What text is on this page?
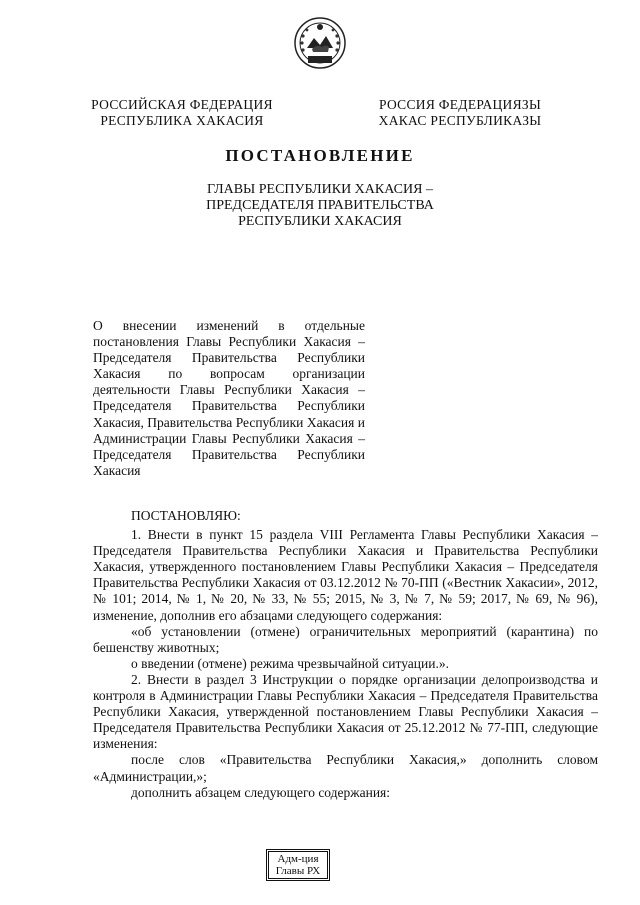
РОССИЙСКАЯ ФЕДЕРАЦИЯ
РЕСПУБЛИКА ХАКАСИЯ
РОССИЯ ФЕДЕРАЦИЯЗЫ
ХАКАС РЕСПУБЛИКАЗЫ
ПОСТАНОВЛЕНИЕ
ГЛАВЫ РЕСПУБЛИКИ ХАКАСИЯ –
ПРЕДСЕДАТЕЛЯ ПРАВИТЕЛЬСТВА
РЕСПУБЛИКИ ХАКАСИЯ
О внесении изменений в отдельные постановления Главы Республики Хакасия – Председателя Правительства Республики Хакасия по вопросам организации деятельности Главы Республики Хакасия – Председателя Правительства Республики Хакасия, Правительства Республики Хакасия и Администрации Главы Республики Хакасия – Председателя Правительства Республики Хакасия

ПОСТАНОВЛЯЮ:

1. Внести в пункт 15 раздела VIII Регламента Главы Республики Хакасия – Председателя Правительства Республики Хакасия и Правительства Республики Хакасия, утвержденного постановлением Главы Республики Хакасия – Председателя Правительства Республики Хакасия от 03.12.2012 № 70-ПП («Вестник Хакасии», 2012, № 101; 2014, № 1, № 20, № 33, № 55; 2015, № 3, № 7, № 59; 2017, № 69, № 96), изменение, дополнив его абзацами следующего содержания:

«об установлении (отмене) ограничительных мероприятий (карантина) по бешенству животных;

о введении (отмене) режима чрезвычайной ситуации.».

2. Внести в раздел 3 Инструкции о порядке организации делопроизводства и контроля в Администрации Главы Республики Хакасия – Председателя Правительства Республики Хакасия, утвержденной постановлением Главы Республики Хакасия – Председателя Правительства Республики Хакасия от 25.12.2012 № 77-ПП, следующие изменения:

после слов «Правительства Республики Хакасия,» дополнить словом «Администрации,»;

дополнить абзацем следующего содержания:

Адм-ция
Главы РХ
